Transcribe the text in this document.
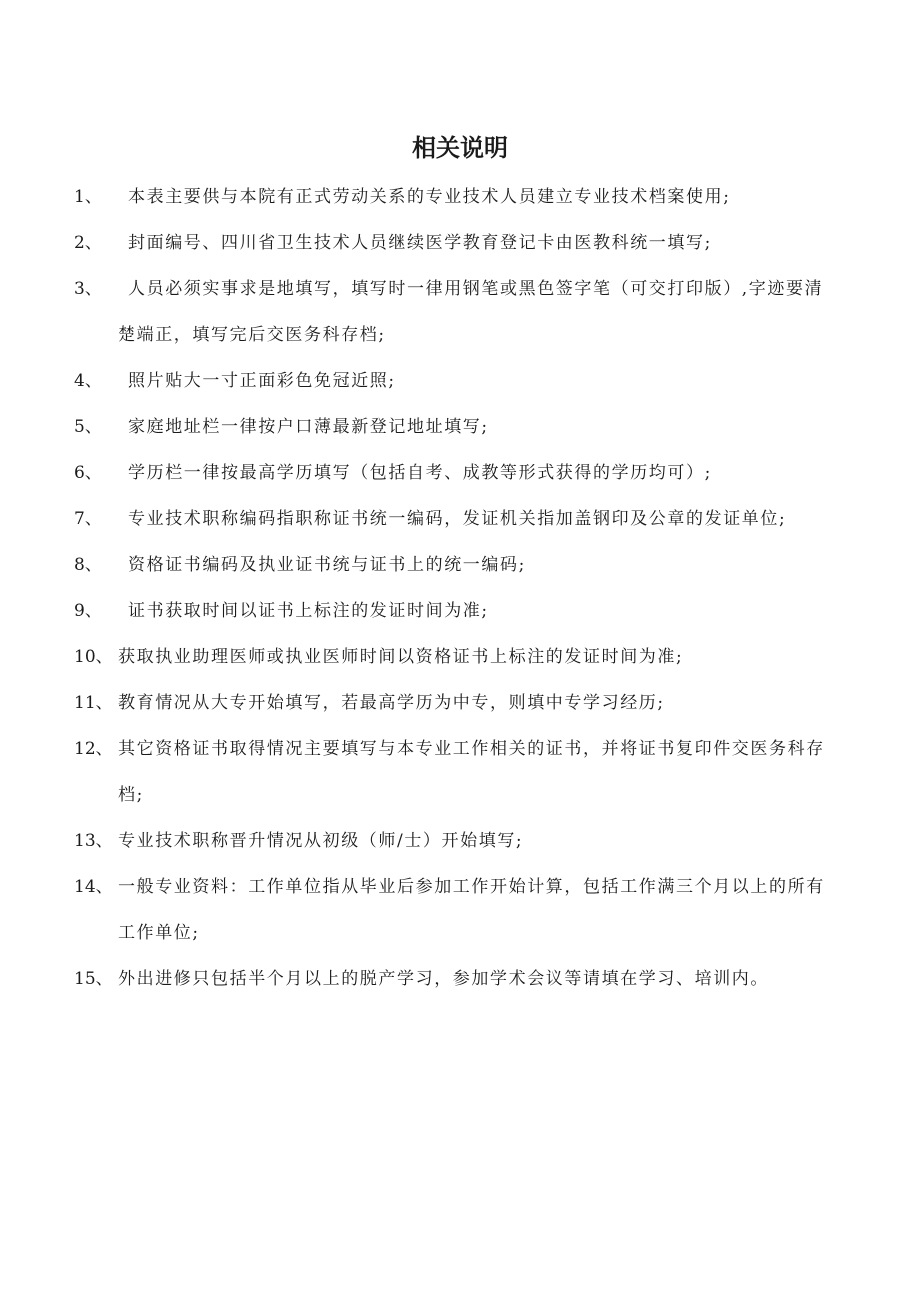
相关说明
1、	本表主要供与本院有正式劳动关系的专业技术人员建立专业技术档案使用;
2、	封面编号、四川省卫生技术人员继续医学教育登记卡由医教科统一填写;
3、	人员必须实事求是地填写，填写时一律用钢笔或黑色签字笔（可交打印版）,字迹要清
楚端正，填写完后交医务科存档;
4、	照片贴大一寸正面彩色免冠近照;
5、	家庭地址栏一律按户口薄最新登记地址填写;
6、	学历栏一律按最高学历填写（包括自考、成教等形式获得的学历均可）;
7、	专业技术职称编码指职称证书统一编码，发证机关指加盖钢印及公章的发证单位;
8、	资格证书编码及执业证书统与证书上的统一编码;
9、	证书获取时间以证书上标注的发证时间为准;
10、 获取执业助理医师或执业医师时间以资格证书上标注的发证时间为准;
11、 教育情况从大专开始填写，若最高学历为中专，则填中专学习经历;
12、 其它资格证书取得情况主要填写与本专业工作相关的证书，并将证书复印件交医务科存
档;
13、 专业技术职称晋升情况从初级（师/士）开始填写;
14、 一般专业资料：工作单位指从毕业后参加工作开始计算，包括工作满三个月以上的所有
工作单位;
15、 外出进修只包括半个月以上的脱产学习，参加学术会议等请填在学习、培训内。
